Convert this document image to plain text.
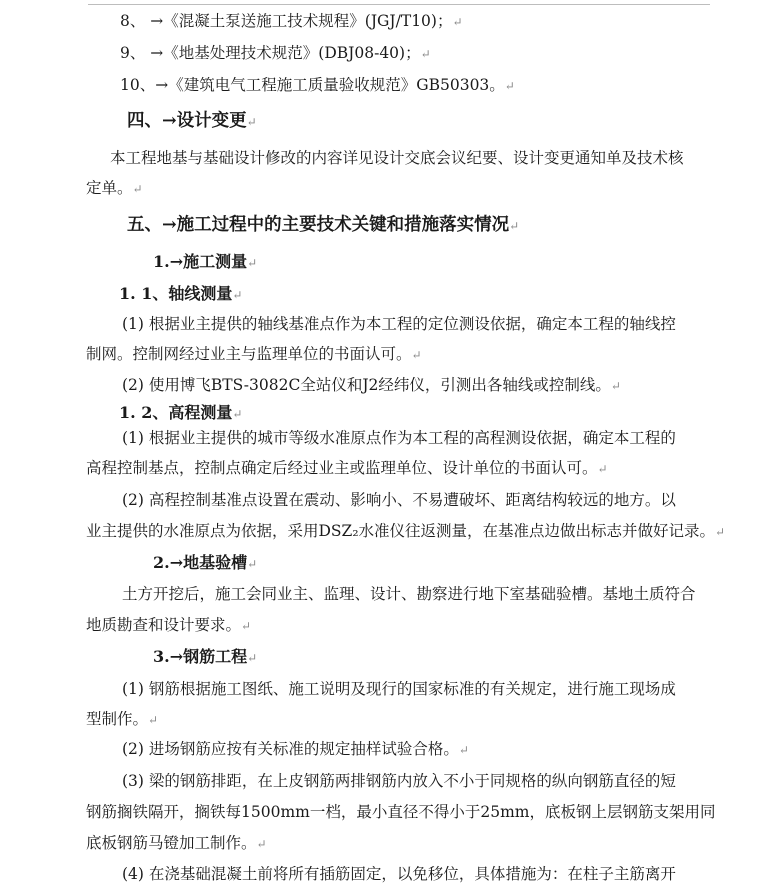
8、 →《混凝土泵送施工技术规程》(JGJ/T10)；↵
9、 →《地基处理技术规范》(DBJ08-40)；↵
10、→《建筑电气工程施工质量验收规范》GB50303。↵
四、→设计变更↵
本工程地基与基础设计修改的内容详见设计交底会议纪要、设计变更通知单及技术核
定单。↵
五、→施工过程中的主要技术关键和措施落实情况↵
1.→施工测量↵
1. 1、轴线测量↵
(1) 根据业主提供的轴线基准点作为本工程的定位测设依据，确定本工程的轴线控
制网。控制网经过业主与监理单位的书面认可。↵
(2) 使用博飞BTS-3082C全站仪和J2经纬仪，引测出各轴线或控制线。↵
1. 2、高程测量↵
(1) 根据业主提供的城市等级水准原点作为本工程的高程测设依据，确定本工程的
高程控制基点，控制点确定后经过业主或监理单位、设计单位的书面认可。↵
(2) 高程控制基准点设置在震动、影响小、不易遭破坏、距离结构较远的地方。以
业主提供的水准原点为依据，采用DSZ₂水准仪往返测量，在基准点边做出标志并做好记录。↵
2.→地基验槽↵
土方开挖后，施工会同业主、监理、设计、勘察进行地下室基础验槽。基地土质符合
地质勘查和设计要求。↵
3.→钢筋工程↵
(1) 钢筋根据施工图纸、施工说明及现行的国家标准的有关规定，进行施工现场成
型制作。↵
(2) 进场钢筋应按有关标准的规定抽样试验合格。↵
(3) 梁的钢筋排距，在上皮钢筋两排钢筋内放入不小于同规格的纵向钢筋直径的短
钢筋搁铁隔开，搁铁每1500mm一档，最小直径不得小于25mm，底板钢上层钢筋支架用同
底板钢筋马镫加工制作。↵
(4) 在浇基础混凝土前将所有插筋固定，以免移位，具体措施为：在柱子主筋离开
